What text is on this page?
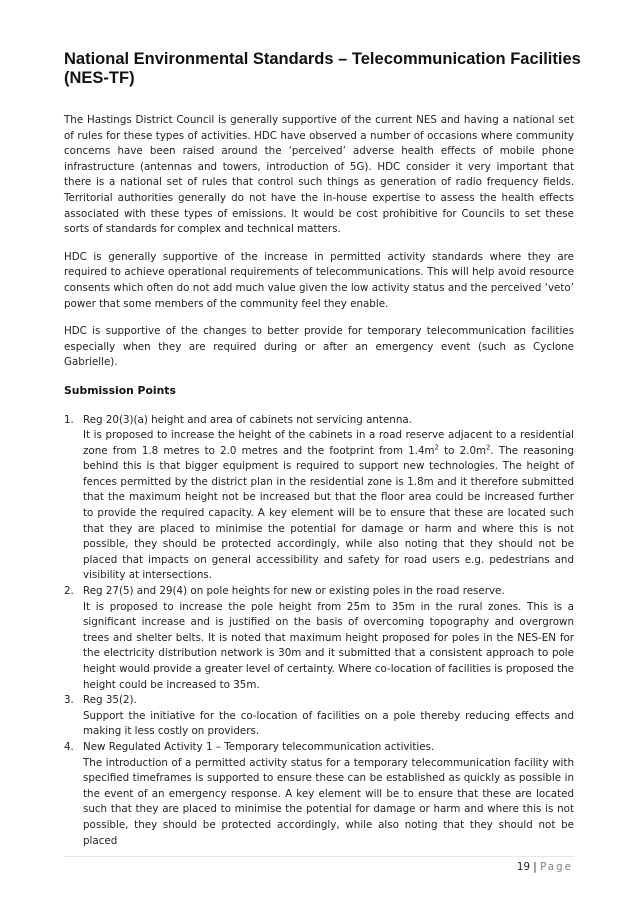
National Environmental Standards – Telecommunication Facilities (NES-TF)

The Hastings District Council is generally supportive of the current NES and having a national set of rules for these types of activities. HDC have observed a number of occasions where community concerns have been raised around the ‘perceived’ adverse health effects of mobile phone infrastructure (antennas and towers, introduction of 5G). HDC consider it very important that there is a national set of rules that control such things as generation of radio frequency fields. Territorial authorities generally do not have the in-house expertise to assess the health effects associated with these types of emissions. It would be cost prohibitive for Councils to set these sorts of standards for complex and technical matters.

HDC is generally supportive of the increase in permitted activity standards where they are required to achieve operational requirements of telecommunications. This will help avoid resource consents which often do not add much value given the low activity status and the perceived ‘veto’ power that some members of the community feel they enable.

HDC is supportive of the changes to better provide for temporary telecommunication facilities especially when they are required during or after an emergency event (such as Cyclone Gabrielle).

Submission Points
1. Reg 20(3)(a) height and area of cabinets not servicing antenna.
It is proposed to increase the height of the cabinets in a road reserve adjacent to a residential zone from 1.8 metres to 2.0 metres and the footprint from $1.4m^2$ to $2.0m^2$. The reasoning behind this is that bigger equipment is required to support new technologies. The height of fences permitted by the district plan in the residential zone is 1.8m and it therefore submitted that the maximum height not be increased but that the floor area could be increased further to provide the required capacity. A key element will be to ensure that these are located such that they are placed to minimise the potential for damage or harm and where this is not possible, they should be protected accordingly, while also noting that they should not be placed that impacts on general accessibility and safety for road users e.g. pedestrians and visibility at intersections.
2. Reg 27(5) and 29(4) on pole heights for new or existing poles in the road reserve.
It is proposed to increase the pole height from 25m to 35m in the rural zones. This is a significant increase and is justified on the basis of overcoming topography and overgrown trees and shelter belts. It is noted that maximum height proposed for poles in the NES-EN for the electricity distribution network is 30m and it submitted that a consistent approach to pole height would provide a greater level of certainty. Where co-location of facilities is proposed the height could be increased to 35m.
3. Reg 35(2).
Support the initiative for the co-location of facilities on a pole thereby reducing effects and making it less costly on providers.
4. New Regulated Activity 1 – Temporary telecommunication activities.
The introduction of a permitted activity status for a temporary telecommunication facility with specified timeframes is supported to ensure these can be established as quickly as possible in the event of an emergency response. A key element will be to ensure that these are located such that they are placed to minimise the potential for damage or harm and where this is not possible, they should be protected accordingly, while also noting that they should not be placed
19 | Page
